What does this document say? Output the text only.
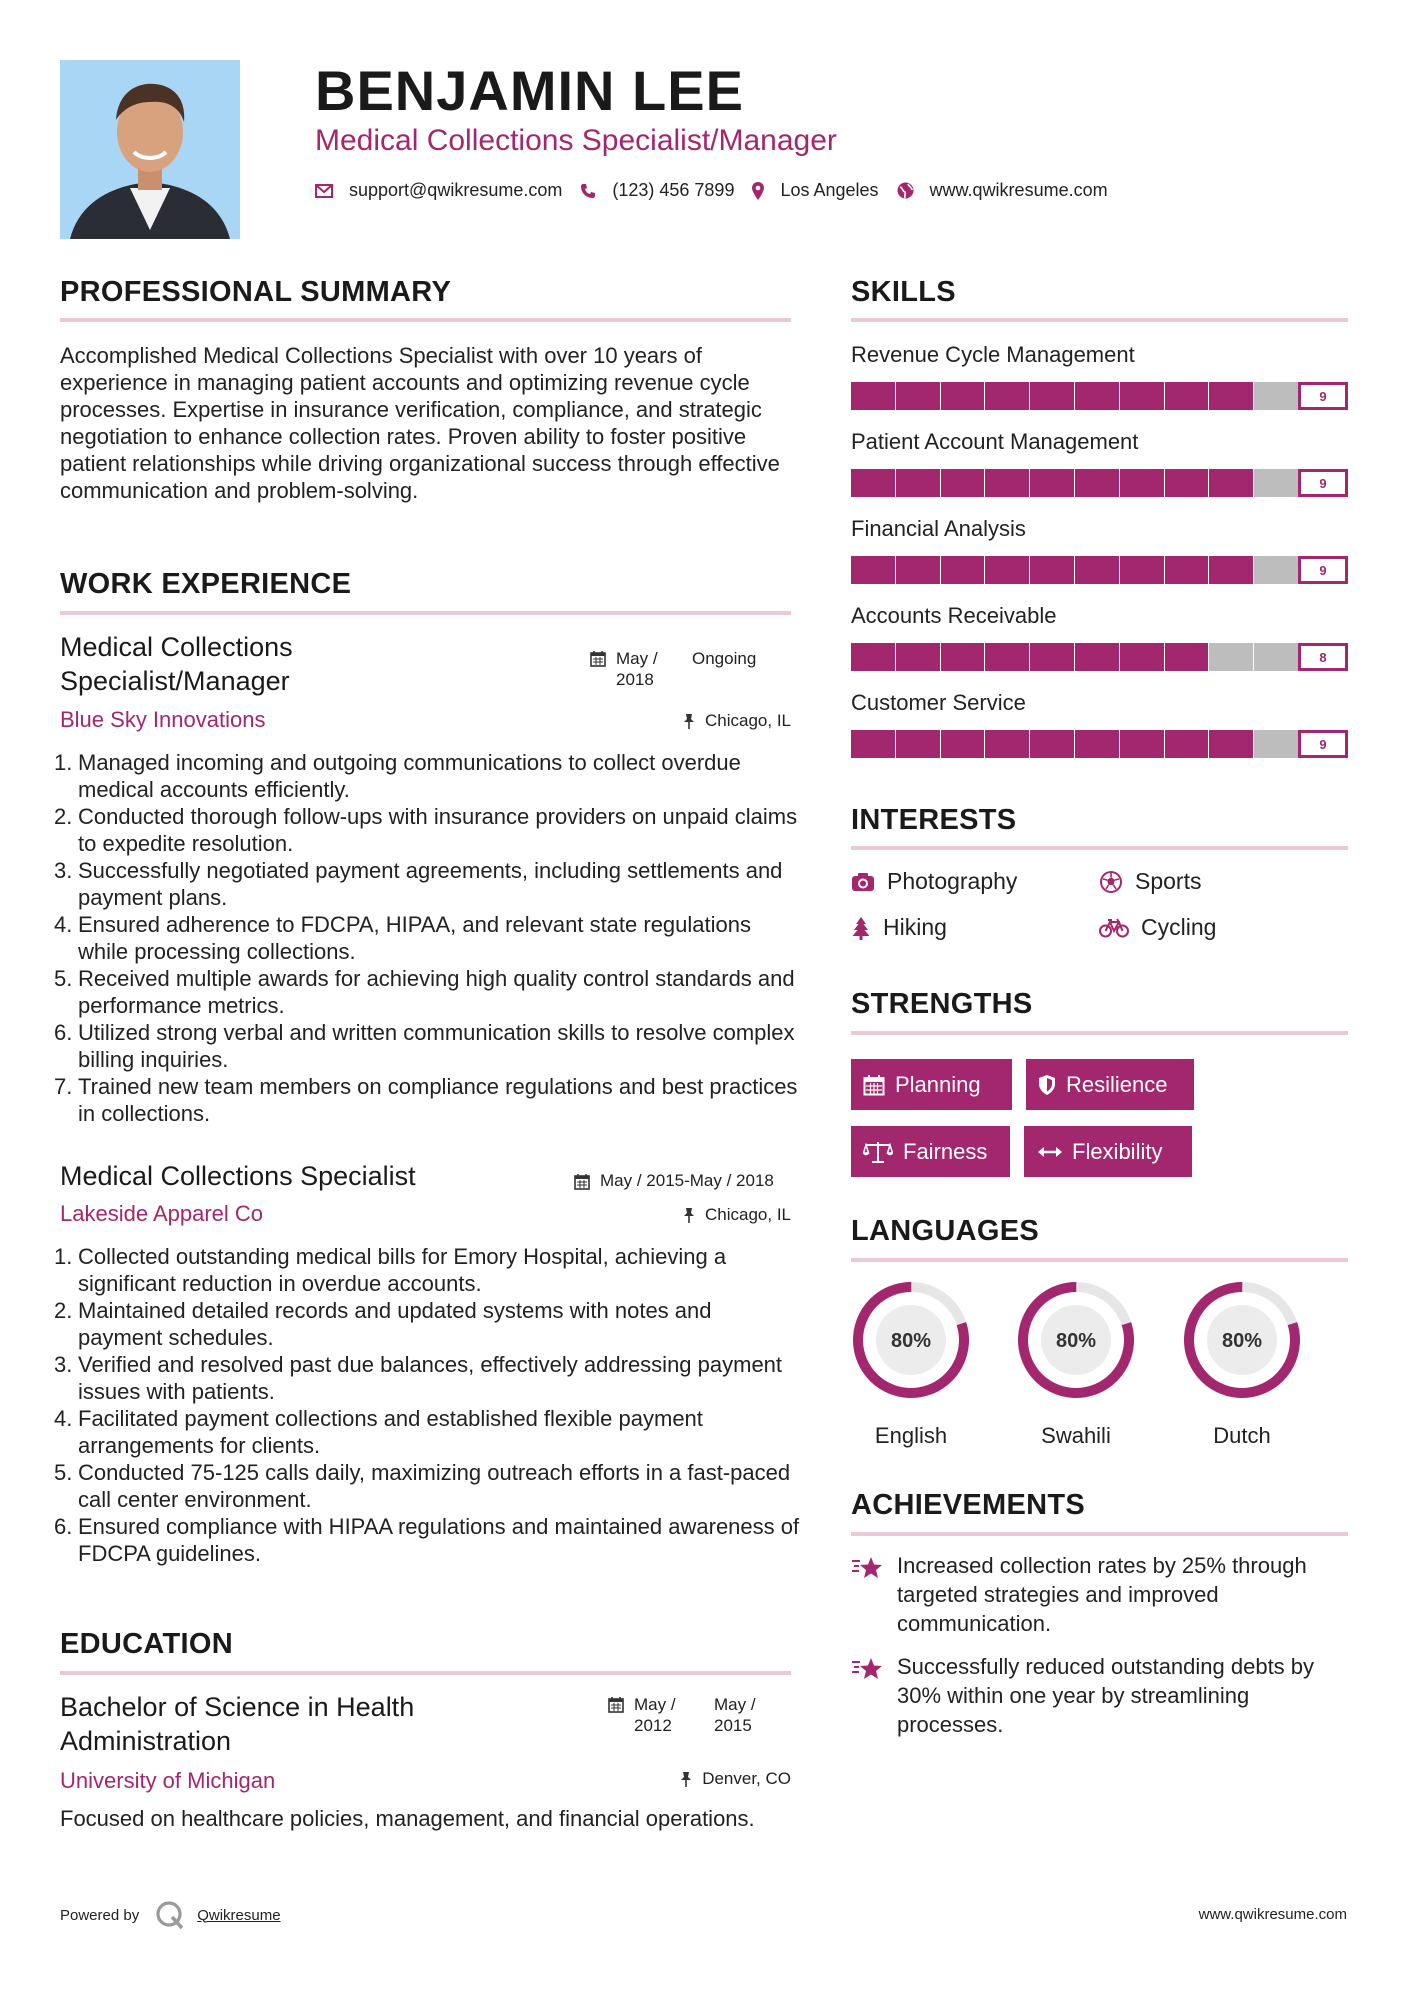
BENJAMIN LEE
Medical Collections Specialist/Manager
support@qwikresume.com	(123) 456 7899	Los Angeles	www.qwikresume.com
PROFESSIONAL SUMMARY
Accomplished Medical Collections Specialist with over 10 years of experience in managing patient accounts and optimizing revenue cycle processes. Expertise in insurance verification, compliance, and strategic negotiation to enhance collection rates. Proven ability to foster positive patient relationships while driving organizational success through effective communication and problem-solving.
WORK EXPERIENCE
Medical Collections Specialist/Manager
May / 2018
Ongoing
Blue Sky Innovations	Chicago, IL
Managed incoming and outgoing communications to collect overdue medical accounts efficiently.
Conducted thorough follow-ups with insurance providers on unpaid claims to expedite resolution.
Successfully negotiated payment agreements, including settlements and payment plans.
Ensured adherence to FDCPA, HIPAA, and relevant state regulations while processing collections.
Received multiple awards for achieving high quality control standards and performance metrics.
Utilized strong verbal and written communication skills to resolve complex billing inquiries.
Trained new team members on compliance regulations and best practices in collections.
Medical Collections Specialist	May / 2015-May / 2018
Lakeside Apparel Co	Chicago, IL
Collected outstanding medical bills for Emory Hospital, achieving a significant reduction in overdue accounts.
Maintained detailed records and updated systems with notes and payment schedules.
Verified and resolved past due balances, effectively addressing payment issues with patients.
Facilitated payment collections and established flexible payment arrangements for clients.
Conducted 75-125 calls daily, maximizing outreach efforts in a fast-paced call center environment.
Ensured compliance with HIPAA regulations and maintained awareness of FDCPA guidelines.
EDUCATION
Bachelor of Science in Health Administration
May / 2012
May / 2015
University of Michigan	Denver, CO
Focused on healthcare policies, management, and financial operations.
SKILLS
Revenue Cycle Management
9
Patient Account Management
9
Financial Analysis
9
Accounts Receivable
8
Customer Service
9
INTERESTS
Photography	Sports
Hiking	Cycling
STRENGTHS
Planning	Resilience
Fairness	Flexibility
LANGUAGES
80%
English
80%
Swahili
80%
Dutch
ACHIEVEMENTS
Increased collection rates by 25% through targeted strategies and improved communication.
Successfully reduced outstanding debts by 30% within one year by streamlining processes.
Powered by	Qwikresume	www.qwikresume.com
